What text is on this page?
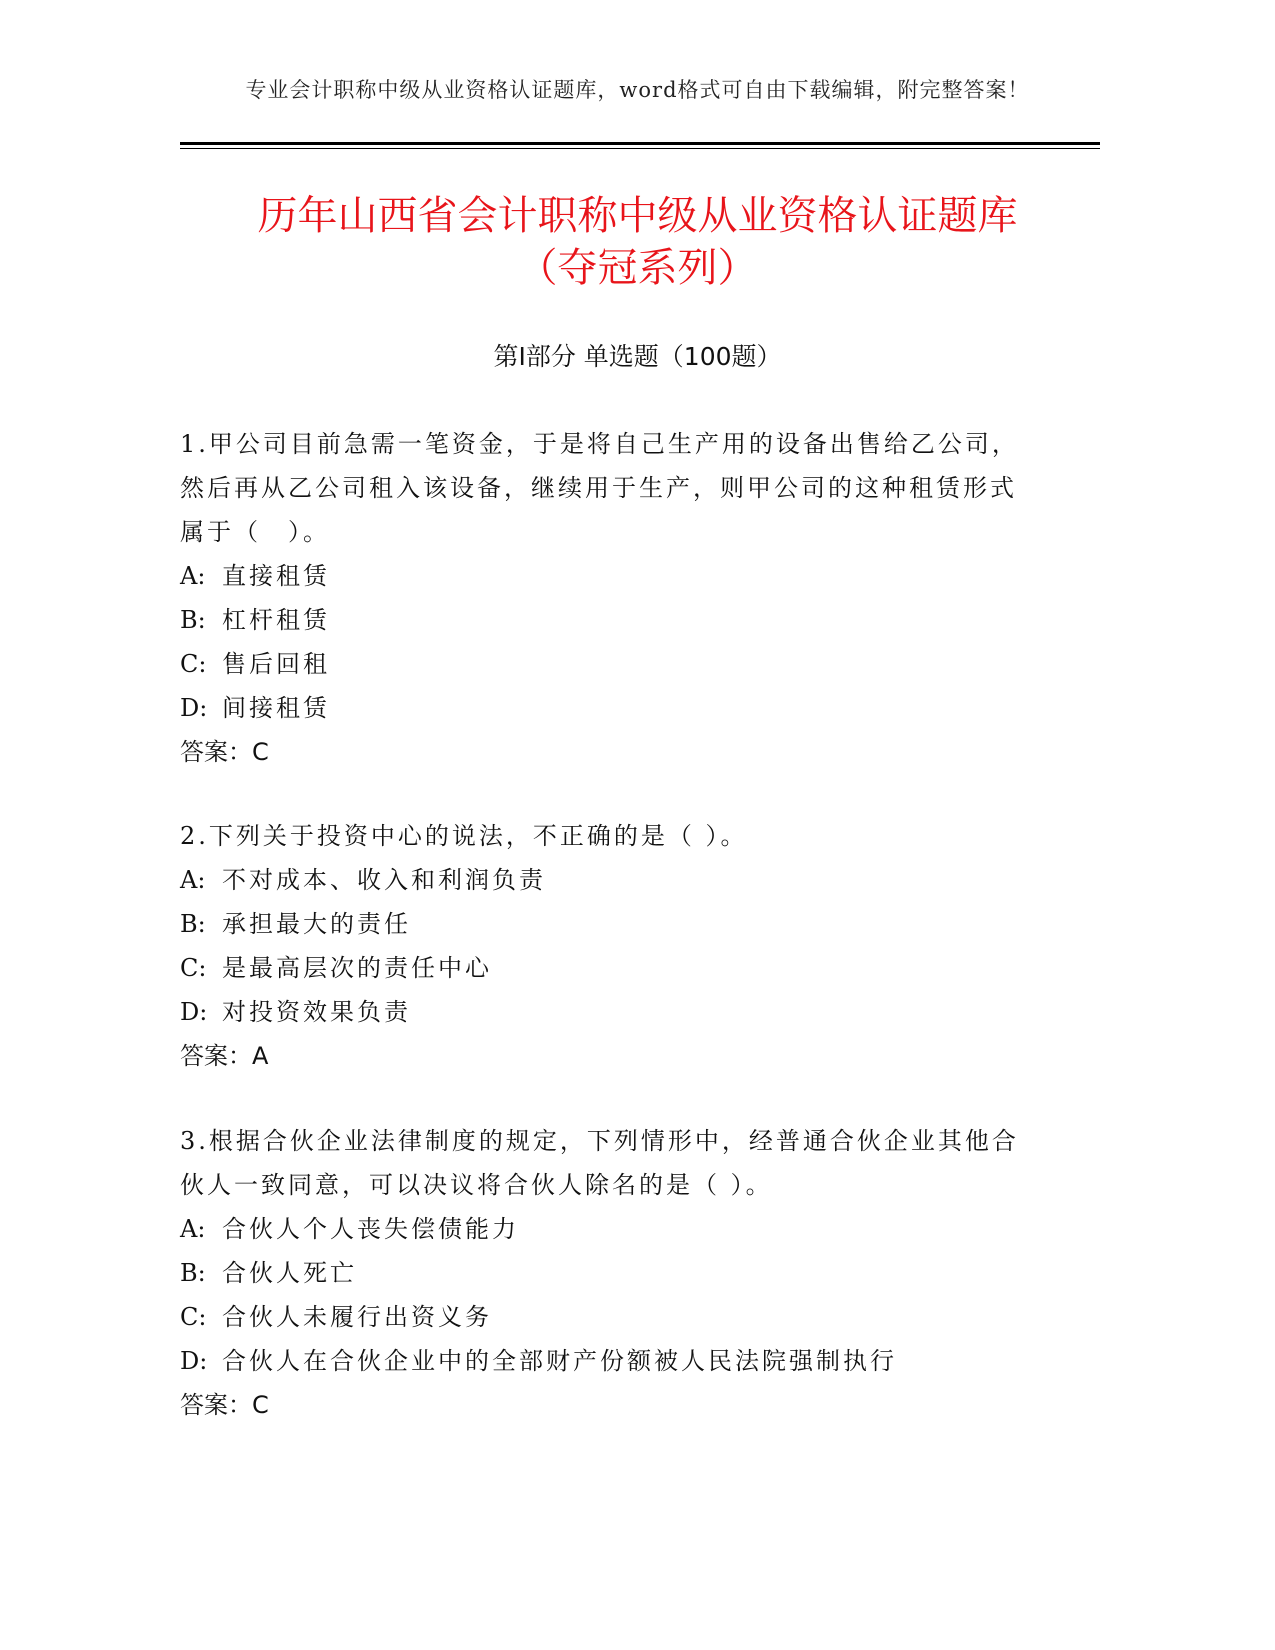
专业会计职称中级从业资格认证题库，word格式可自由下载编辑，附完整答案！
历年山西省会计职称中级从业资格认证题库
（夺冠系列）
第Ⅰ部分 单选题（100题）

1.甲公司目前急需一笔资金，于是将自己生产用的设备出售给乙公司，然后再从乙公司租入该设备，继续用于生产，则甲公司的这种租赁形式属于（　）。

A: 直接租赁

B: 杠杆租赁

C: 售后回租

D: 间接租赁

答案：C

2.下列关于投资中心的说法，不正确的是（ ）。

A: 不对成本、收入和利润负责

B: 承担最大的责任

C: 是最高层次的责任中心

D: 对投资效果负责

答案：A

3.根据合伙企业法律制度的规定，下列情形中，经普通合伙企业其他合伙人一致同意，可以决议将合伙人除名的是（ ）。

A: 合伙人个人丧失偿债能力

B: 合伙人死亡

C: 合伙人未履行出资义务

D: 合伙人在合伙企业中的全部财产份额被人民法院强制执行

答案：C
